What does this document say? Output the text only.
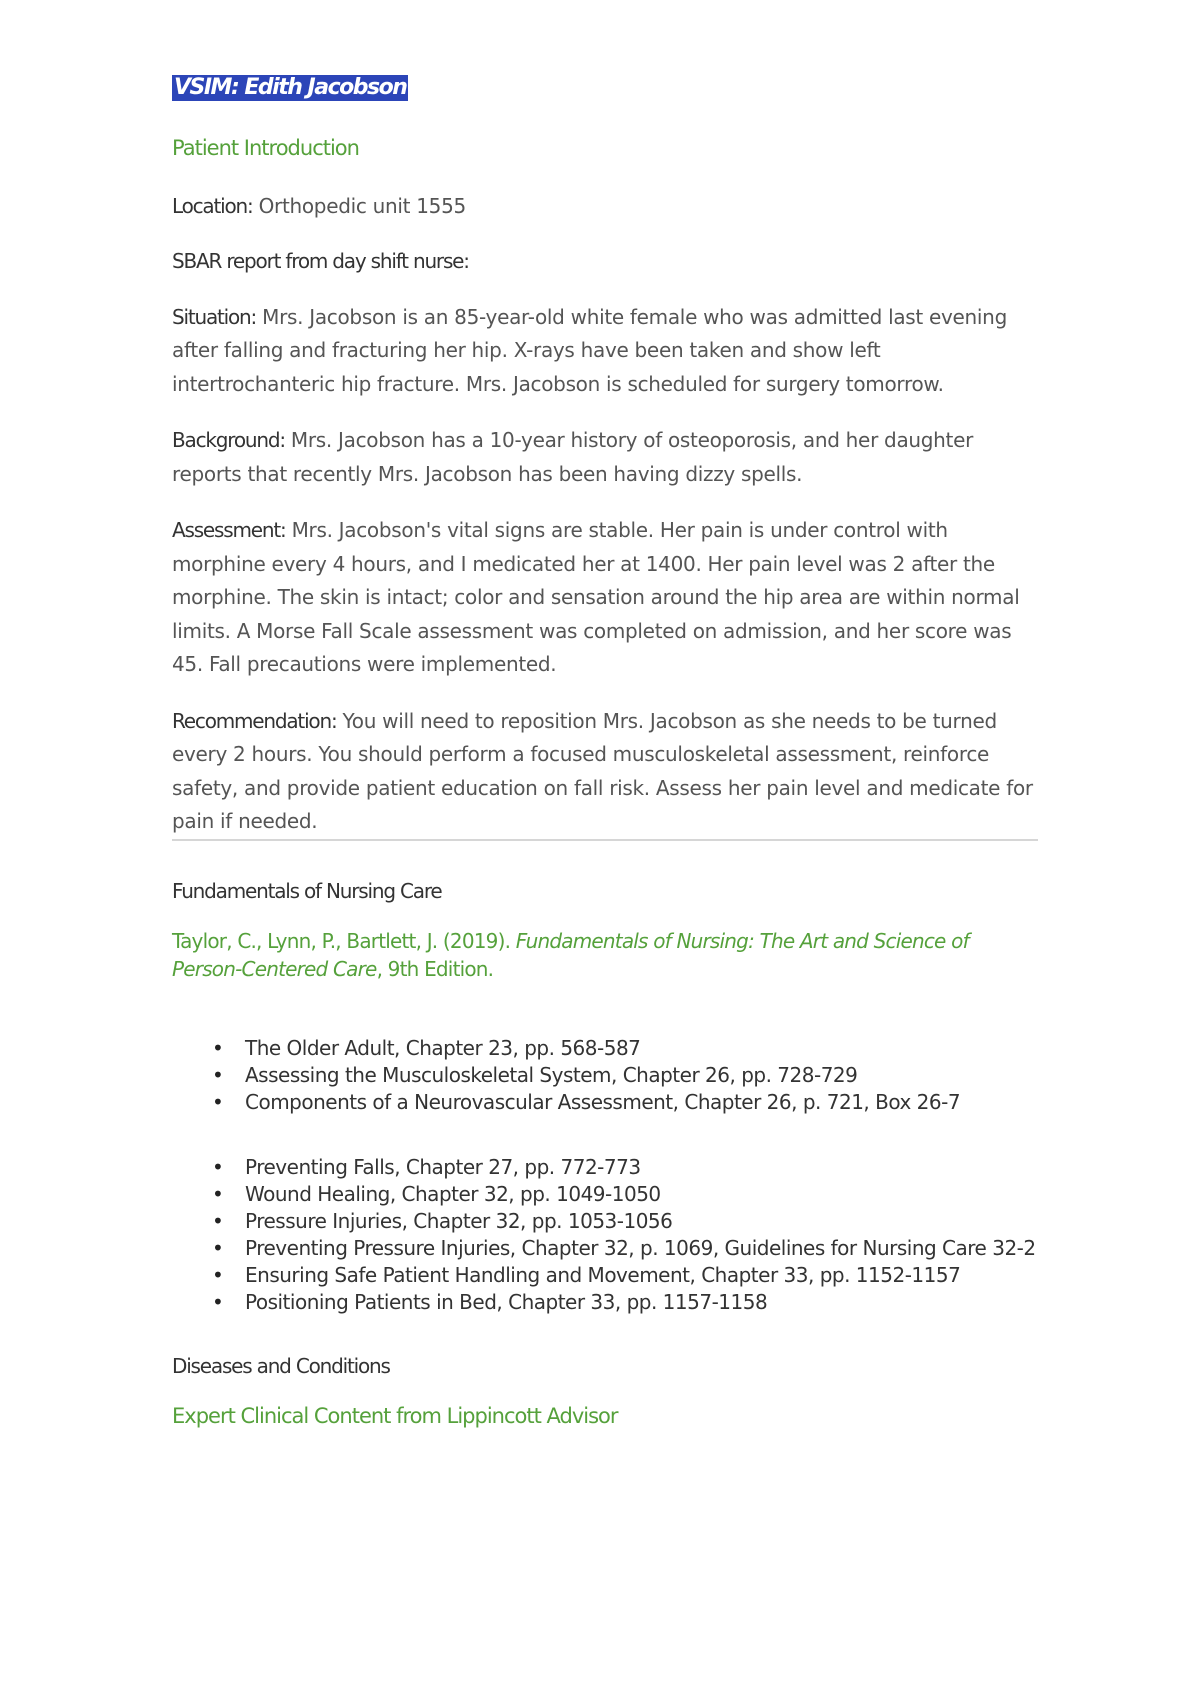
VSIM: Edith Jacobson
Patient Introduction

Location: Orthopedic unit 1555

SBAR report from day shift nurse:

Situation: Mrs. Jacobson is an 85-year-old white female who was admitted last evening after falling and fracturing her hip. X-rays have been taken and show left intertrochanteric hip fracture. Mrs. Jacobson is scheduled for surgery tomorrow.

Background: Mrs. Jacobson has a 10-year history of osteoporosis, and her daughter reports that recently Mrs. Jacobson has been having dizzy spells.

Assessment: Mrs. Jacobson's vital signs are stable. Her pain is under control with morphine every 4 hours, and I medicated her at 1400. Her pain level was 2 after the morphine. The skin is intact; color and sensation around the hip area are within normal limits. A Morse Fall Scale assessment was completed on admission, and her score was 45. Fall precautions were implemented.

Recommendation: You will need to reposition Mrs. Jacobson as she needs to be turned every 2 hours. You should perform a focused musculoskeletal assessment, reinforce safety, and provide patient education on fall risk. Assess her pain level and medicate for pain if needed.

Fundamentals of Nursing Care
Taylor, C., Lynn, P., Bartlett, J. (2019). Fundamentals of Nursing: The Art and Science of Person-Centered Care, 9th Edition.
• The Older Adult, Chapter 23, pp. 568-587
• Assessing the Musculoskeletal System, Chapter 26, pp. 728-729
• Components of a Neurovascular Assessment, Chapter 26, p. 721, Box 26-7
• Preventing Falls, Chapter 27, pp. 772-773
• Wound Healing, Chapter 32, pp. 1049-1050
• Pressure Injuries, Chapter 32, pp. 1053-1056
• Preventing Pressure Injuries, Chapter 32, p. 1069, Guidelines for Nursing Care 32-2
• Ensuring Safe Patient Handling and Movement, Chapter 33, pp. 1152-1157
• Positioning Patients in Bed, Chapter 33, pp. 1157-1158
Diseases and Conditions
Expert Clinical Content from Lippincott Advisor
